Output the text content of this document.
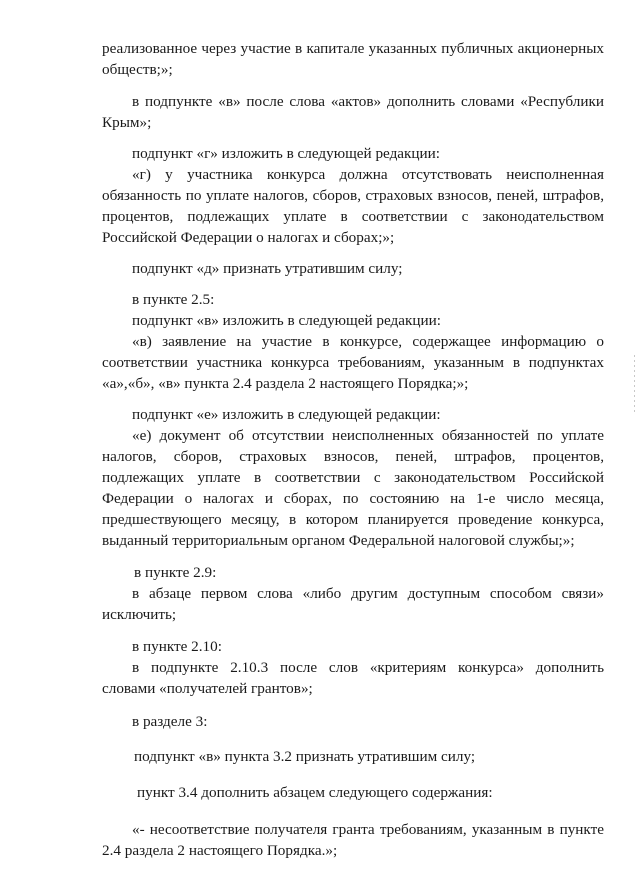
реализованное через участие в капитале указанных публичных акционерных
обществ;»;
в подпункте «в» после слова «актов» дополнить словами «Республики
Крым»;
подпункт «г» изложить в следующей редакции:
«г) у участника конкурса должна отсутствовать неисполненная
обязанность по уплате налогов, сборов, страховых взносов, пеней, штрафов,
процентов, подлежащих уплате в соответствии с законодательством
Российской Федерации о налогах и сборах;»;
подпункт «д» признать утратившим силу;
в пункте 2.5:
подпункт «в» изложить в следующей редакции:
«в) заявление на участие в конкурсе, содержащее информацию о
соответствии участника конкурса требованиям, указанным в подпунктах
«а»,«б», «в» пункта 2.4 раздела 2 настоящего Порядка;»;
подпункт «е» изложить в следующей редакции:
«е) документ об отсутствии неисполненных обязанностей по уплате
налогов, сборов, страховых взносов, пеней, штрафов, процентов,
подлежащих уплате в соответствии с законодательством Российской
Федерации о налогах и сборах, по состоянию на 1-е число месяца,
предшествующего месяцу, в котором планируется проведение конкурса,
выданный территориальным органом Федеральной налоговой службы;»;
в пункте 2.9:
в абзаце первом слова «либо другим доступным способом связи»
исключить;
в пункте 2.10:
в подпункте 2.10.3 после слов «критериям конкурса» дополнить
словами «получателей грантов»;
в разделе 3:
подпункт «в» пункта 3.2 признать утратившим силу;
пункт 3.4 дополнить абзацем следующего содержания:
«- несоответствие получателя гранта требованиям, указанным в пункте
2.4 раздела 2 настоящего Порядка.»;
